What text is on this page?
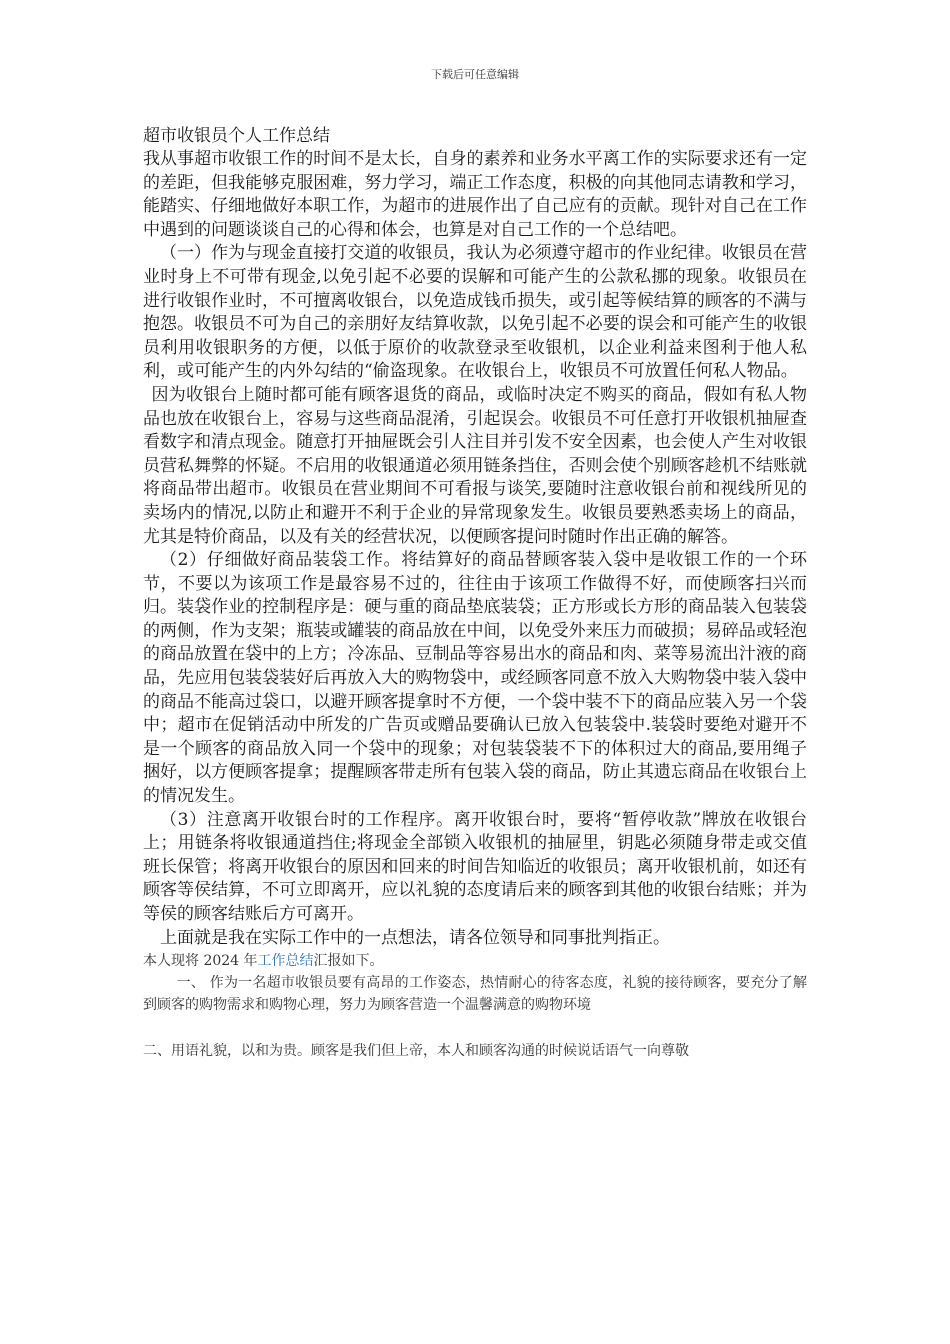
下载后可任意编辑

超市收银员个人工作总结

我从事超市收银工作的时间不是太长，自身的素养和业务水平离工作的实际要求还有一定的差距，但我能够克服困难，努力学习，端正工作态度，积极的向其他同志请教和学习，能踏实、仔细地做好本职工作，为超市的进展作出了自己应有的贡献。现针对自己在工作中遇到的问题谈谈自己的心得和体会，也算是对自己工作的一个总结吧。

（一）作为与现金直接打交道的收银员，我认为必须遵守超市的作业纪律。收银员在营业时身上不可带有现金,以免引起不必要的误解和可能产生的公款私挪的现象。收银员在进行收银作业时，不可擅离收银台，以免造成钱币损失，或引起等候结算的顾客的不满与抱怨。收银员不可为自己的亲朋好友结算收款，以免引起不必要的误会和可能产生的收银员利用收银职务的方便，以低于原价的收款登录至收银机，以企业利益来图利于他人私利，或可能产生的内外勾结的“偷盗现象。在收银台上，收银员不可放置任何私人物品。

因为收银台上随时都可能有顾客退货的商品，或临时决定不购买的商品，假如有私人物品也放在收银台上，容易与这些商品混淆，引起误会。收银员不可任意打开收银机抽屉查看数字和清点现金。随意打开抽屉既会引人注目并引发不安全因素，也会使人产生对收银员营私舞弊的怀疑。不启用的收银通道必须用链条挡住，否则会使个别顾客趁机不结账就将商品带出超市。收银员在营业期间不可看报与谈笑,要随时注意收银台前和视线所见的卖场内的情况,以防止和避开不利于企业的异常现象发生。收银员要熟悉卖场上的商品，尤其是特价商品，以及有关的经营状况，以便顾客提问时随时作出正确的解答。

（2）仔细做好商品装袋工作。将结算好的商品替顾客装入袋中是收银工作的一个环节，不要以为该项工作是最容易不过的，往往由于该项工作做得不好，而使顾客扫兴而归。装袋作业的控制程序是：硬与重的商品垫底装袋；正方形或长方形的商品装入包装袋的两侧，作为支架；瓶装或罐装的商品放在中间，以免受外来压力而破损；易碎品或轻泡的商品放置在袋中的上方；冷冻品、豆制品等容易出水的商品和肉、菜等易流出汁液的商品，先应用包装袋装好后再放入大的购物袋中，或经顾客同意不放入大购物袋中装入袋中的商品不能高过袋口，以避开顾客提拿时不方便，一个袋中装不下的商品应装入另一个袋中；超市在促销活动中所发的广告页或赠品要确认已放入包装袋中.装袋时要绝对避开不是一个顾客的商品放入同一个袋中的现象；对包装袋装不下的体积过大的商品,要用绳子捆好，以方便顾客提拿；提醒顾客带走所有包装入袋的商品，防止其遗忘商品在收银台上的情况发生。

（3）注意离开收银台时的工作程序。离开收银台时，要将“暂停收款”牌放在收银台上；用链条将收银通道挡住;将现金全部锁入收银机的抽屉里，钥匙必须随身带走或交值班长保管；将离开收银台的原因和回来的时间告知临近的收银员；离开收银机前，如还有顾客等侯结算，不可立即离开，应以礼貌的态度请后来的顾客到其他的收银台结账；并为等侯的顾客结账后方可离开。

上面就是我在实际工作中的一点想法，请各位领导和同事批判指正。

本人现将 2024 年工作总结汇报如下。

一、 作为一名超市收银员要有高昂的工作姿态，热情耐心的待客态度，礼貌的接待顾客，要充分了解到顾客的购物需求和购物心理，努力为顾客营造一个温馨满意的购物环境

二、用语礼貌，以和为贵。顾客是我们但上帝，本人和顾客沟通的时候说话语气一向尊敬
